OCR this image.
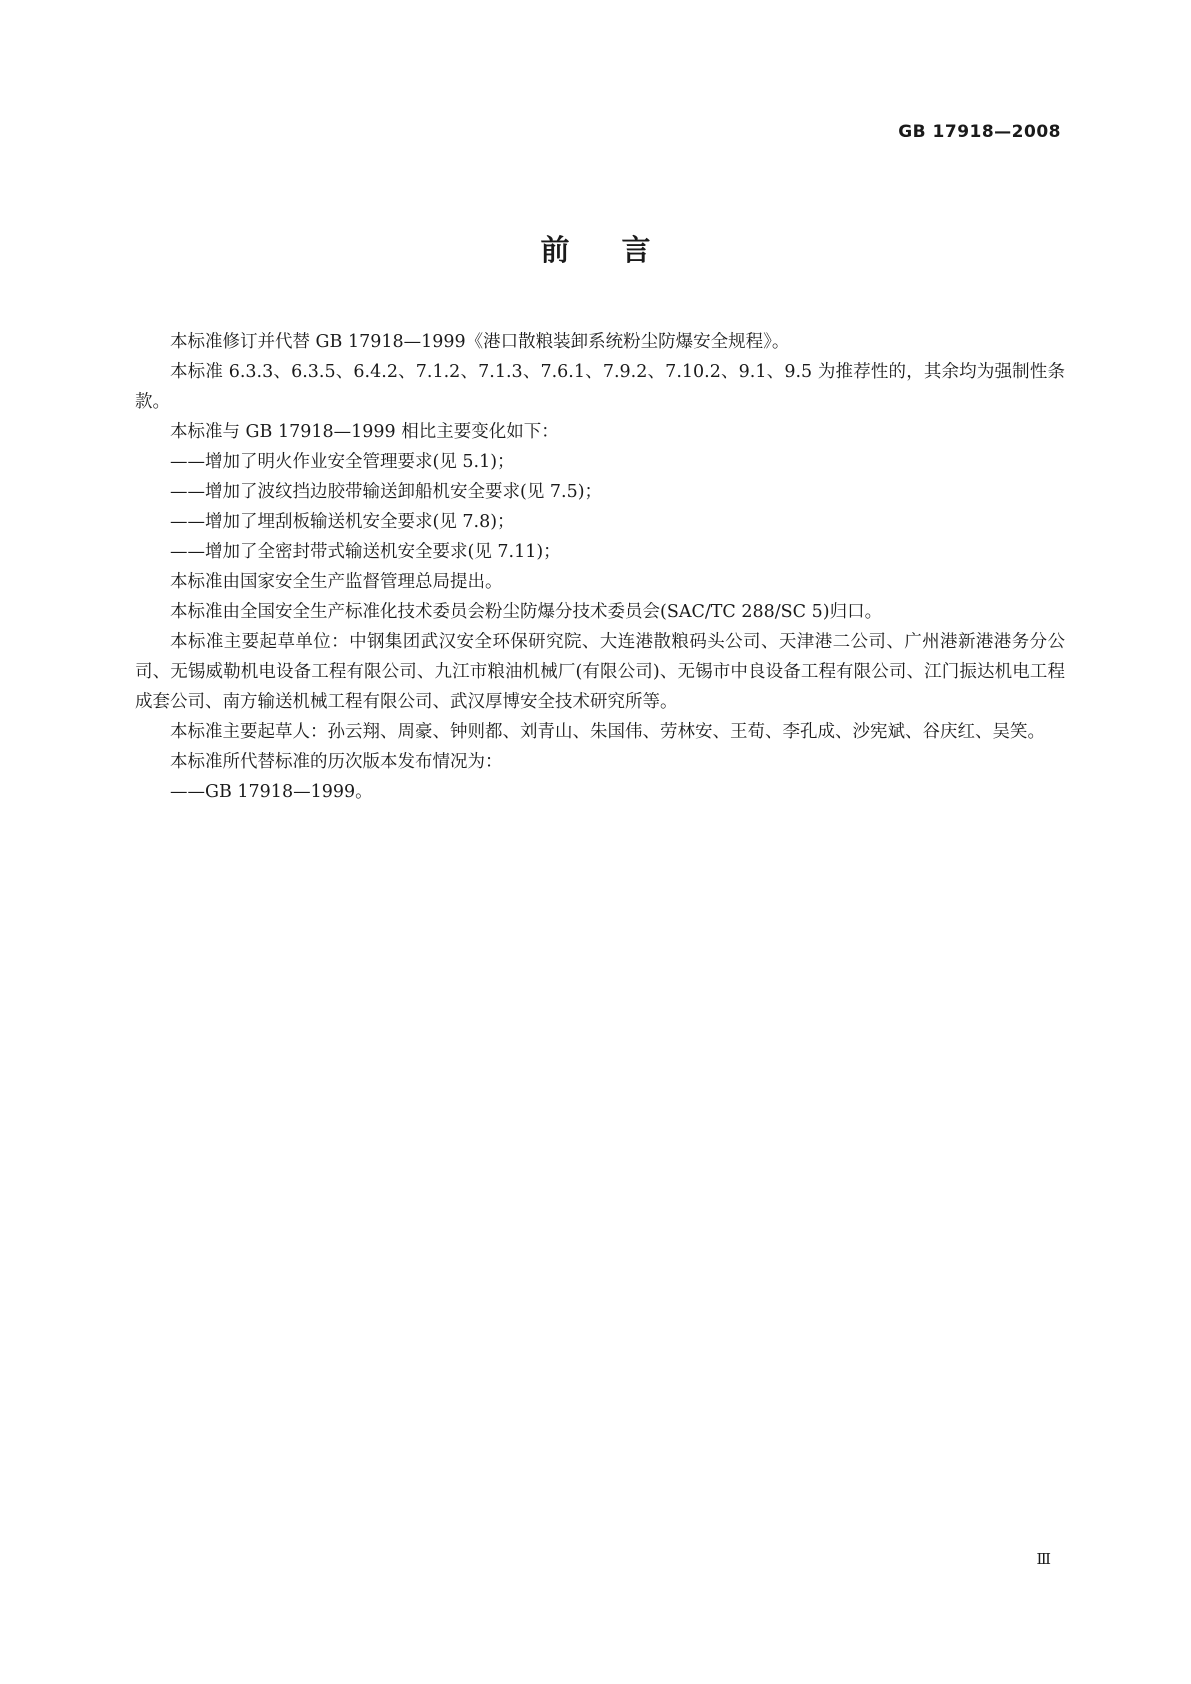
GB 17918—2008
前言

本标准修订并代替 GB 17918—1999《港口散粮装卸系统粉尘防爆安全规程》。

本标准 6.3.3、6.3.5、6.4.2、7.1.2、7.1.3、7.6.1、7.9.2、7.10.2、9.1、9.5 为推荐性的，其余均为强制性条款。

本标准与 GB 17918—1999 相比主要变化如下：

——增加了明火作业安全管理要求(见 5.1)；

——增加了波纹挡边胶带输送卸船机安全要求(见 7.5)；

——增加了埋刮板输送机安全要求(见 7.8)；

——增加了全密封带式输送机安全要求(见 7.11)；

本标准由国家安全生产监督管理总局提出。

本标准由全国安全生产标准化技术委员会粉尘防爆分技术委员会(SAC/TC 288/SC 5)归口。

本标准主要起草单位：中钢集团武汉安全环保研究院、大连港散粮码头公司、天津港二公司、广州港新港港务分公司、无锡威勒机电设备工程有限公司、九江市粮油机械厂(有限公司)、无锡市中良设备工程有限公司、江门振达机电工程成套公司、南方输送机械工程有限公司、武汉厚博安全技术研究所等。

本标准主要起草人：孙云翔、周豪、钟则都、刘青山、朱国伟、劳林安、王荀、李孔成、沙宪斌、谷庆红、吴笑。

本标准所代替标准的历次版本发布情况为：

——GB 17918—1999。

Ⅲ
